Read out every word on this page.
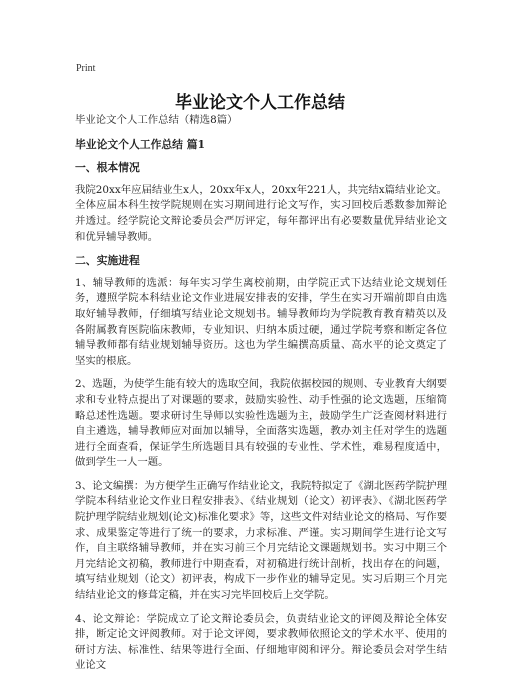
Print
毕业论文个人工作总结

毕业论文个人工作总结（精选8篇）

毕业论文个人工作总结 篇1

一、根本情况

我院20xx年应届结业生x人，20xx年x人，20xx年221人，共完结x篇结业论文。全体应届本科生按学院规则在实习期间进行论文写作，实习回校后悉数参加辩论并透过。经学院论文辩论委员会严厉评定，每年都评出有必要数量优异结业论文和优异辅导教师。

二、实施进程

1、辅导教师的选派：每年实习学生离校前期，由学院正式下达结业论文规划任务，遵照学院本科结业论文作业进展安排表的安排，学生在实习开端前即自由选取好辅导教师，仔细填写结业论文规划书。辅导教师均为学院教育教育精英以及各附属教育医院临床教师，专业知识、归纳本质过硬，通过学院考察和断定各位辅导教师都有结业规划辅导资历。这也为学生编撰高质量、高水平的论文奠定了坚实的根底。

2、选题，为使学生能有较大的选取空间，我院依据校园的规则、专业教育大纲要求和专业特点提出了对课题的要求，鼓励实验性、动手性强的论文选题，压缩简略总述性选题。要求研讨生导师以实验性选题为主，鼓励学生广泛查阅材料进行自主遴选，辅导教师应对面加以辅导，全面落实选题，教办刘主任对学生的选题进行全面查看，保证学生所选题目具有较强的专业性、学术性，难易程度适中，做到学生一人一题。

3、论文编撰：为方便学生正确写作结业论文，我院特拟定了《湖北医药学院护理学院本科结业论文作业日程安排表》、《结业规划（论文）初评表》、《湖北医药学院护理学院结业规划(论文)标准化要求》等，这些文件对结业论文的格局、写作要求、成果鉴定等进行了统一的要求，力求标准、严谨。实习期间学生进行论文写作，自主联络辅导教师，并在实习前三个月完结论文课题规划书。实习中期三个月完结论文初稿，教师进行中期查看，对初稿进行统计剖析，找出存在的问题，填写结业规划（论文）初评表，构成下一步作业的辅导定见。实习后期三个月完结结业论文的修葺定稿，并在实习完毕回校后上交学院。

4、论文辩论：学院成立了论文辩论委员会，负责结业论文的评阅及辩论全体安排，断定论文评阅教师。对于论文评阅，要求教师依照论文的学术水平、使用的研讨方法、标准性、结果等进行全面、仔细地审阅和评分。辩论委员会对学生结业论文
